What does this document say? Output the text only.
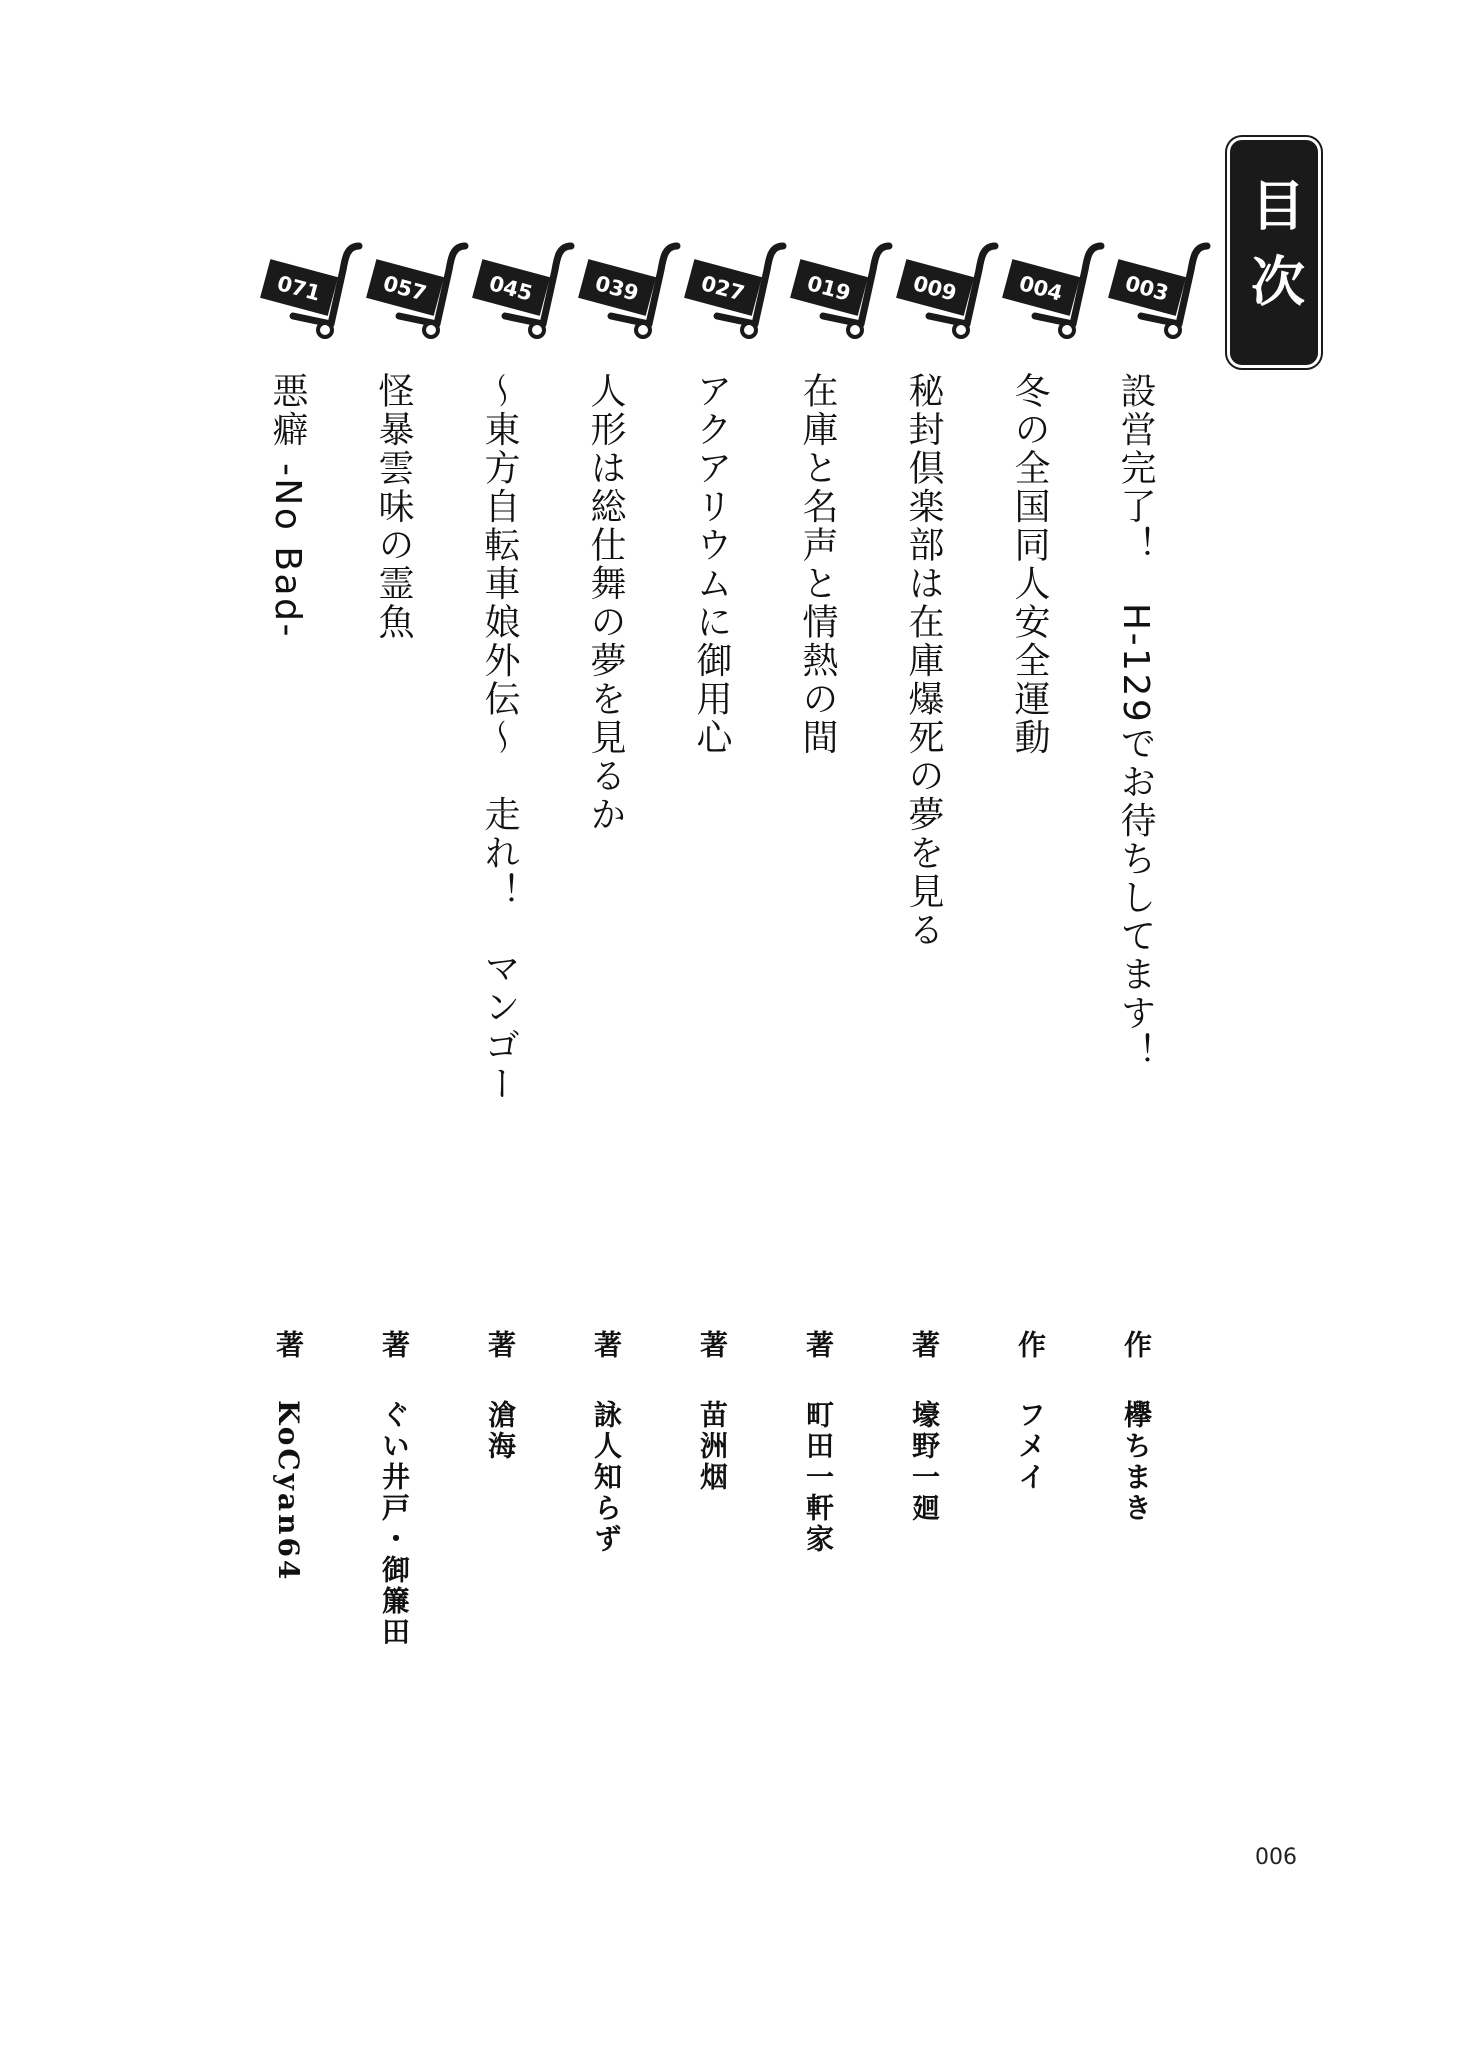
目次
003
004
009
019
027
039
045
057
071
設営完了！　H-129でお待ちしてます！
冬の全国同人安全運動
秘封倶楽部は在庫爆死の夢を見る
在庫と名声と情熱の間
アクアリウムに御用心
人形は総仕舞の夢を見るか
～東方自転車娘外伝～　走れ！　マンゴー
怪暴雲味の霊魚
悪癖 -No Bad-
作
作
著
著
著
著
著
著
著
欅ちまき
フメイ
壕野一廻
町田一軒家
苗洲烟
詠人知らず
滄海
ぐい井戸・御簾田
KoCyan64
006
